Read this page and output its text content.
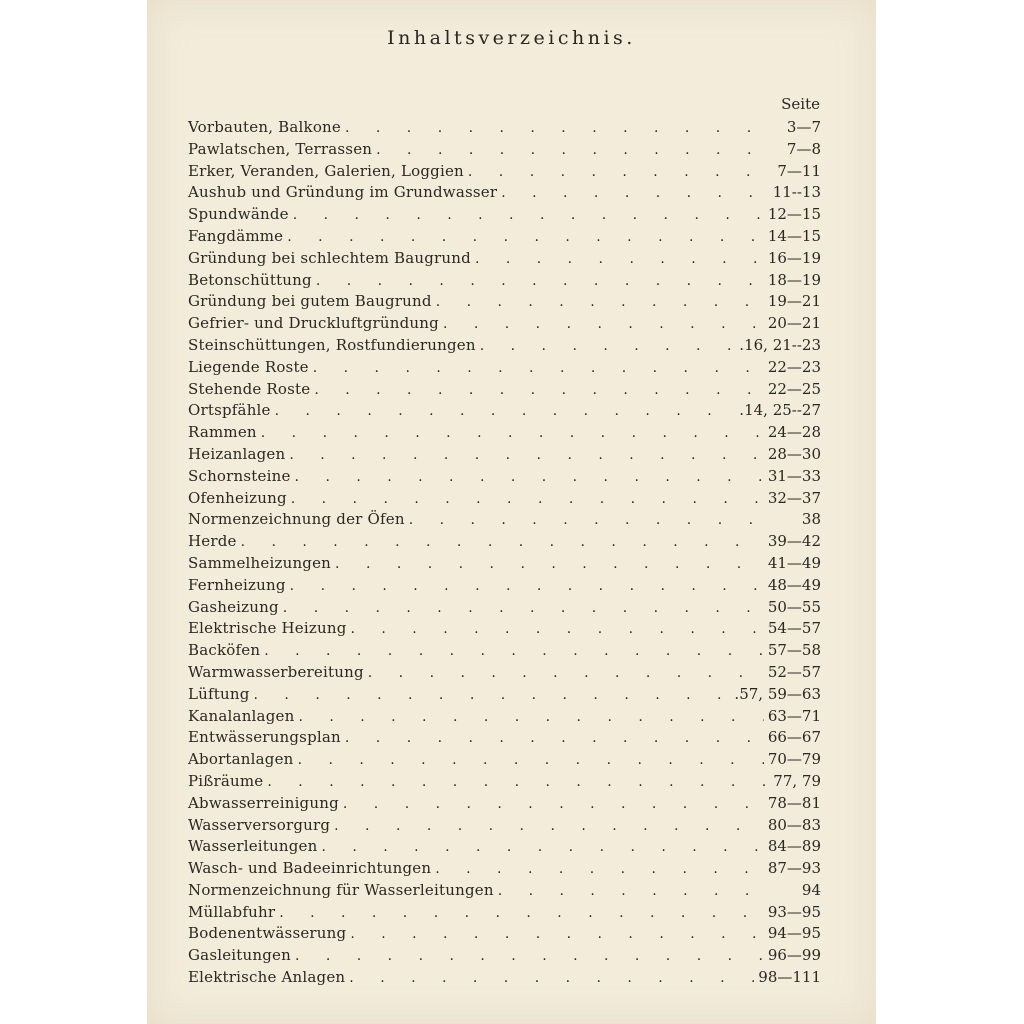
Inhaltsverzeichnis.
Seite
Vorbauten, Balkone . . .	3—7
Pawlatschen, Terrassen . . .	7—8
Erker, Veranden, Galerien, Loggien . . .	7—11
Aushub und Gründung im Grundwasser . . .	11--13
Spundwände . . .	12—15
Fangdämme . . .	14—15
Gründung bei schlechtem Baugrund . . .	16—19
Betonschüttung . . .	18—19
Gründung bei gutem Baugrund . . .	19—21
Gefrier- und Druckluftgründung . . .	20—21
Steinschüttungen, Rostfundierungen . . .	.16, 21--23
Liegende Roste . . .	22—23
Stehende Roste . . .	22—25
Ortspfähle . . .	.14, 25--27
Rammen . . .	24—28
Heizanlagen . . .	28—30
Schornsteine . . .	31—33
Ofenheizung . . .	32—37
Normenzeichnung der Öfen . . .	38
Herde . . .	39—42
Sammelheizungen . . .	41—49
Fernheizung . . .	48—49
Gasheizung . . .	50—55
Elektrische Heizung . . .	54—57
Backöfen . . .	57—58
Warmwasserbereitung . . .	52—57
Lüftung . . .	.57, 59—63
Kanalanlagen . . .	63—71
Entwässerungsplan . . .	66—67
Abortanlagen . . .	70—79
Pißräume . . .	77, 79
Abwasserreinigung . . .	78—81
Wasserversorgurg . . .	80—83
Wasserleitungen . . .	84—89
Wasch- und Badeeinrichtungen . . .	87—93
Normenzeichnung für Wasserleitungen . . .	94
Müllabfuhr . . .	93—95
Bodenentwässerung . . .	94—95
Gasleitungen . . .	96—99
Elektrische Anlagen . . .	98—111
